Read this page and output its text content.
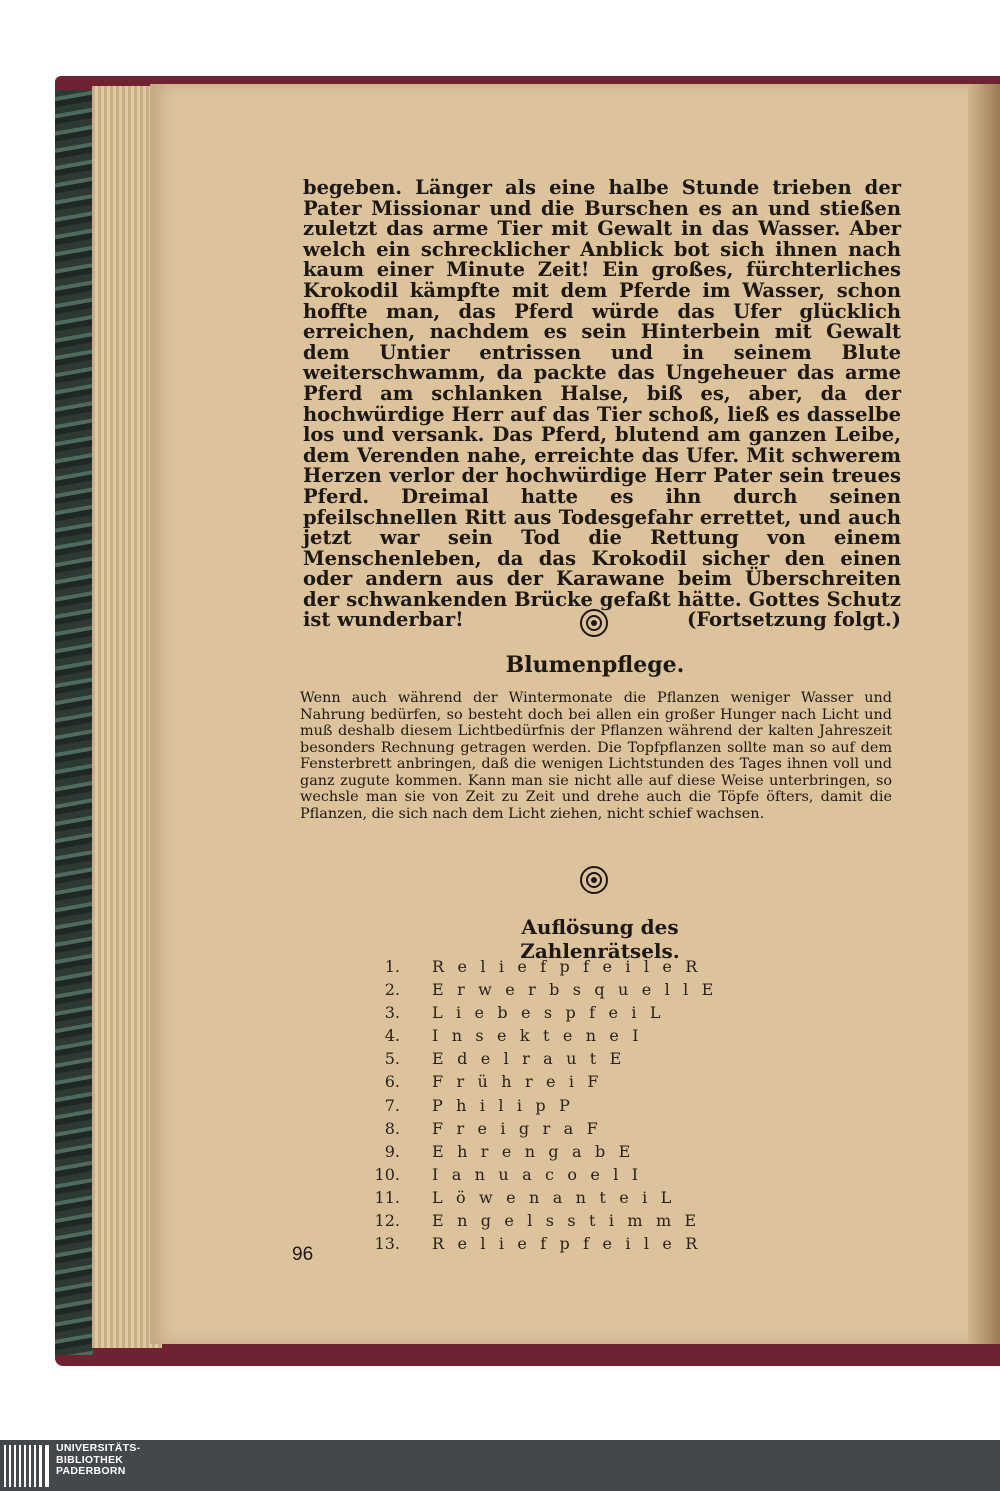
begeben. Länger als eine halbe Stunde trieben der Pater Missionar und die Burschen es an und stießen zuletzt das arme Tier mit Gewalt in das Wasser. Aber welch ein schrecklicher Anblick bot sich ihnen nach kaum einer Minute Zeit! Ein großes, fürchterliches Krokodil kämpfte mit dem Pferde im Wasser, schon hoffte man, das Pferd würde das Ufer glücklich erreichen, nachdem es sein Hinterbein mit Gewalt dem Untier entrissen und in seinem Blute weiterschwamm, da packte das Ungeheuer das arme Pferd am schlanken Halse, biß es, aber, da der hochwürdige Herr auf das Tier schoß, ließ es dasselbe los und versank. Das Pferd, blutend am ganzen Leibe, dem Verenden nahe, erreichte das Ufer. Mit schwerem Herzen verlor der hochwürdige Herr Pater sein treues Pferd. Dreimal hatte es ihn durch seinen pfeilschnellen Ritt aus Todesgefahr errettet, und auch jetzt war sein Tod die Rettung von einem Menschenleben, da das Krokodil sicher den einen oder andern aus der Karawane beim Überschreiten der schwankenden Brücke gefaßt hätte. Gottes Schutz ist wunderbar!	(Fortsetzung folgt.)

Blumenpflege.

Wenn auch während der Wintermonate die Pflanzen weniger Wasser und Nahrung bedürfen, so besteht doch bei allen ein großer Hunger nach Licht und muß deshalb diesem Lichtbedürfnis der Pflanzen während der kalten Jahreszeit besonders Rechnung getragen werden. Die Topfpflanzen sollte man so auf dem Fensterbrett anbringen, daß die wenigen Lichtstunden des Tages ihnen voll und ganz zugute kommen. Kann man sie nicht alle auf diese Weise unterbringen, so wechsle man sie von Zeit zu Zeit und drehe auch die Töpfe öfters, damit die Pflanzen, die sich nach dem Licht ziehen, nicht schief wachsen.

Auflösung des Zahlenrätsels.
1. ReliefpfeileR
2. ErwerbsquellE
3. LiebespfeiL
4. InsekteneI
5. EdelrautE
6. FrühreiF
7. PhilipP
8. FreigraF
9. EhrengabE
10. IanuacoelI
11. LöwenanteiL
12. EngelsstimmE
13. ReliefpfeileR

96

UNIVERSITÄTS-
BIBLIOTHEK
PADERBORN
